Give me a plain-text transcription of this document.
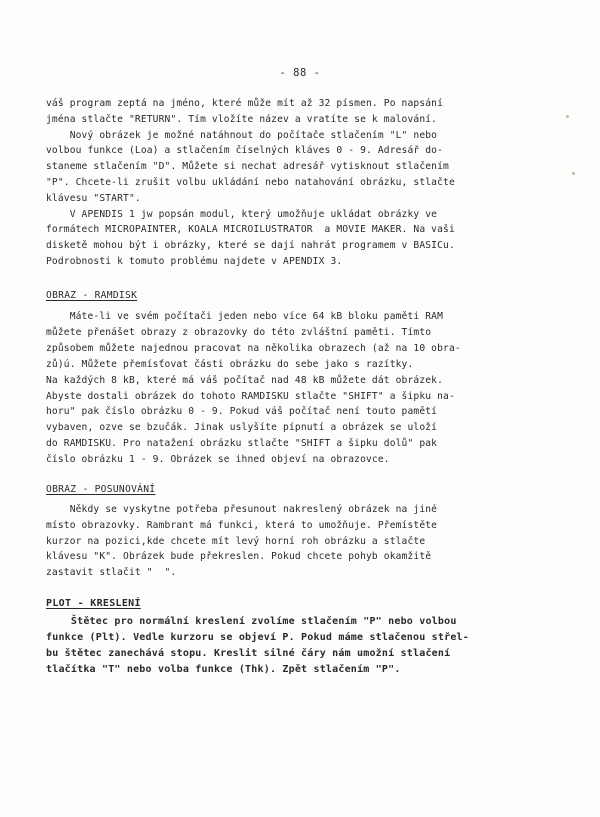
- 88 -
váš program zeptá na jméno, které může mít až 32 písmen. Po napsání
jména stlačte "RETURN". Tím vložíte název a vratíte se k malování.
Nový obrázek je možné natáhnout do počítače stlačením "L" nebo
volbou funkce (Loa) a stlačením číselných kláves 0 - 9. Adresář do-
staneme stlačením "D". Můžete si nechat adresář vytisknout stlačením
"P". Chcete-li zrušit volbu ukládání nebo natahování obrázku, stlačte
klávesu "START".
V APENDIS 1 jw popsán modul, který umožňuje ukládat obrázky ve
formátech MICROPAINTER, KOALA MICROILUSTRATOR  a MOVIE MAKER. Na vaši
disketě mohou být i obrázky, které se dají nahrát programem v BASICu.
Podrobnosti k tomuto problému najdete v APENDIX 3.
OBRAZ - RAMDISK
Máte-li ve svém počítači jeden nebo více 64 kB bloku paměti RAM
můžete přenášet obrazy z obrazovky do této zvláštní paměti. Tímto
způsobem můžete najednou pracovat na několika obrazech (až na 10 obra-
zů)ú. Můžete přemísťovat části obrázku do sebe jako s razítky.
Na každých 8 kB, které má váš počítač nad 48 kB můžete dát obrázek.
Abyste dostali obrázek do tohoto RAMDISKU stlačte "SHIFT" a šipku na-
horu" pak číslo obrázku 0 - 9. Pokud váš počítač není touto pamětí
vybaven, ozve se bzučák. Jinak uslyšíte pípnutí a obrázek se uloží
do RAMDISKU. Pro natažení obrázku stlačte "SHIFT a šipku dolů" pak
číslo obrázku 1 - 9. Obrázek se ihned objeví na obrazovce.
OBRAZ - POSUNOVÁNÍ
Někdy se vyskytne potřeba přesunout nakreslený obrázek na jiné
místo obrazovky. Rambrant má funkci, která to umožňuje. Přemístěte
kurzor na pozici,kde chcete mít levý horní roh obrázku a stlačte
klávesu "K". Obrázek bude překreslen. Pokud chcete pohyb okamžitě
zastavit stlačit "  ".
PLOT - KRESLENÍ
Štětec pro normální kreslení zvolíme stlačením "P" nebo volbou
funkce (Plt). Vedle kurzoru se objeví P. Pokud máme stlačenou střel-
bu štětec zanechává stopu. Kreslit silné čáry nám umožní stlačení
tlačítka "T" nebo volba funkce (Thk). Zpět stlačením "P".
